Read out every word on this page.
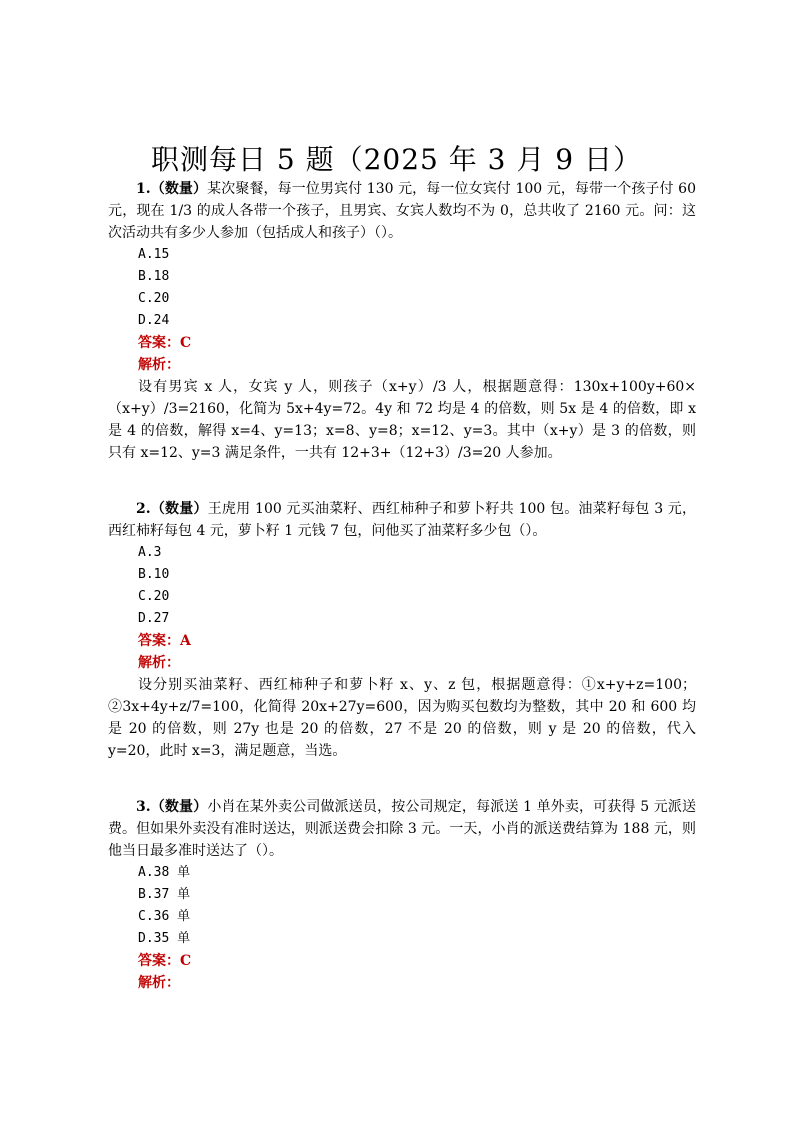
职测每日 5 题（2025 年 3 月 9 日）

1.（数量）某次聚餐，每一位男宾付 130 元，每一位女宾付 100 元，每带一个孩子付 60 元，现在 1/3 的成人各带一个孩子，且男宾、女宾人数均不为 0，总共收了 2160 元。问：这次活动共有多少人参加（包括成人和孩子）（）。

A.15

B.18

C.20

D.24

答案：C

解析：

设有男宾 x 人，女宾 y 人，则孩子（x+y）/3 人，根据题意得：130x+100y+60×（x+y）/3=2160，化简为 5x+4y=72。4y 和 72 均是 4 的倍数，则 5x 是 4 的倍数，即 x 是 4 的倍数，解得 x=4、y=13；x=8、y=8；x=12、y=3。其中（x+y）是 3 的倍数，则只有 x=12、y=3 满足条件，一共有 12+3+（12+3）/3=20 人参加。

2.（数量）王虎用 100 元买油菜籽、西红柿种子和萝卜籽共 100 包。油菜籽每包 3 元，西红柿籽每包 4 元，萝卜籽 1 元钱 7 包，问他买了油菜籽多少包（）。

A.3

B.10

C.20

D.27

答案：A

解析：

设分别买油菜籽、西红柿种子和萝卜籽 x、y、z 包，根据题意得：①x+y+z=100；②3x+4y+z/7=100，化简得 20x+27y=600，因为购买包数均为整数，其中 20 和 600 均是 20 的倍数，则 27y 也是 20 的倍数，27 不是 20 的倍数，则 y 是 20 的倍数，代入 y=20，此时 x=3，满足题意，当选。

3.（数量）小肖在某外卖公司做派送员，按公司规定，每派送 1 单外卖，可获得 5 元派送费。但如果外卖没有准时送达，则派送费会扣除 3 元。一天，小肖的派送费结算为 188 元，则他当日最多准时送达了（）。

A.38 单

B.37 单

C.36 单

D.35 单

答案：C

解析：
